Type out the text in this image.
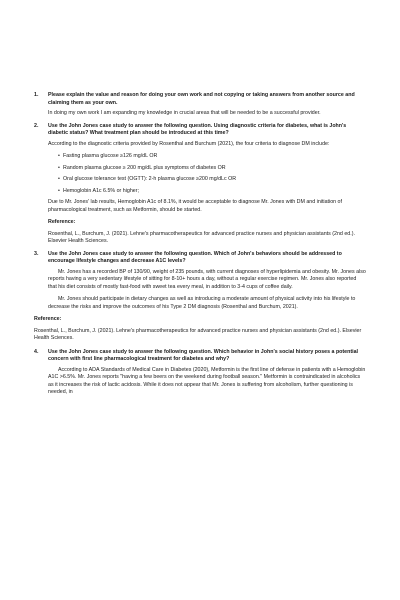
1.	Please explain the value and reason for doing your own work and not copying or taking answers from another source and claiming them as your own.

In doing my own work I am expanding my knowledge in crucial areas that will be needed to be a successful provider.

2.	Use the John Jones case study to answer the following question. Using diagnostic criteria for diabetes, what is John's diabetic status? What treatment plan should be introduced at this time?

According to the diagnostic criteria provided by Rosenthal and Burchum (2021), the four criteria to diagnose DM include:

• Fasting plasma glucose ≥126 mg/dL OR
• Random plasma glucose ≥ 200 mg/dL plus symptoms of diabetes OR
• Oral glucose tolerance test (OGTT): 2-h plasma glucose ≥200 mg/dLc OR
• Hemoglobin A1c 6.5% or higher;

Due to Mr. Jones' lab results, Hemoglobin A1c of 8.1%, it would be acceptable to diagnose Mr. Jones with DM and initiation of pharmacological treatment, such as Metformin, should be started.

Reference:

Rosenthal, L., Burchum, J. (2021). Lehne's pharmacotherapeutics for advanced practice nurses and physician assistants (2nd ed.). Elsevier Health Sciences.

3.	Use the John Jones case study to answer the following question. Which of John's behaviors should be addressed to encourage lifestyle changes and decrease A1C levels?

Mr. Jones has a recorded BP of 130/90, weight of 235 pounds, with current diagnoses of hyperlipidemia and obesity. Mr. Jones also reports having a very sedentary lifestyle of sitting for 8-10+ hours a day, without a regular exercise regimen. Mr. Jones also reported that his diet consists of mostly fast-food with sweet tea every meal, in addition to 3-4 cups of coffee daily.

Mr. Jones should participate in dietary changes as well as introducing a moderate amount of physical activity into his lifestyle to decrease the risks and improve the outcomes of his Type 2 DM diagnosis (Rosenthal and Burchum, 2021).

Reference:
Rosenthal, L., Burchum, J. (2021). Lehne's pharmacotherapeutics for advanced practice nurses and physician assistants (2nd ed.). Elsevier Health Sciences.
4.	Use the John Jones case study to answer the following question. Which behavior in John's social history poses a potential concern with first line pharmacological treatment for diabetes and why?

According to ADA Standards of Medical Care in Diabetes (2020), Metformin is the first line of defense in patients with a Hemoglobin A1C >6.5%. Mr. Jones reports "having a few beers on the weekend during football season." Metformin is contraindicated in alcoholics as it increases the risk of lactic acidosis. While it does not appear that Mr. Jones is suffering from alcoholism, further questioning is needed, in
